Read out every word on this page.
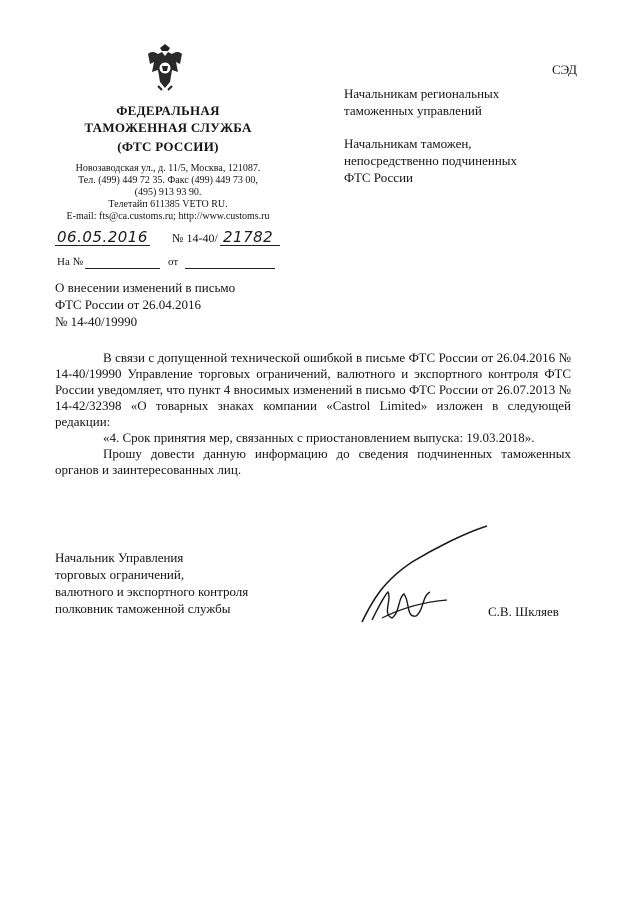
ФЕДЕРАЛЬНАЯ
ТАМОЖЕННАЯ СЛУЖБА
(ФТС РОССИИ)
Новозаводская ул., д. 11/5, Москва, 121087.
Тел. (499) 449 72 35. Факс (499) 449 73 00,
(495) 913 93 90.
Телетайп 611385 VETO RU.
E-mail: fts@ca.customs.ru; http://www.customs.ru
СЭД
Начальникам региональных
таможенных управлений
Начальникам таможен,
непосредственно подчиненных
ФТС России
06.05.2016 № 14-40/ 21782
На №	от
О внесении изменений в письмо
ФТС России от 26.04.2016
№ 14-40/19990

В связи с допущенной технической ошибкой в письме ФТС России от 26.04.2016 № 14-40/19990 Управление торговых ограничений, валютного и экспортного контроля ФТС России уведомляет, что пункт 4 вносимых изменений в письмо ФТС России от 26.07.2013 № 14-42/32398 «О товарных знаках компании «Castrol Limited» изложен в следующей редакции:

«4. Срок принятия мер, связанных с приостановлением выпуска: 19.03.2018».

Прошу довести данную информацию до сведения подчиненных таможенных органов и заинтересованных лиц.

Начальник Управления
торговых ограничений,
валютного и экспортного контроля
полковник таможенной службы	С.В. Шкляев
